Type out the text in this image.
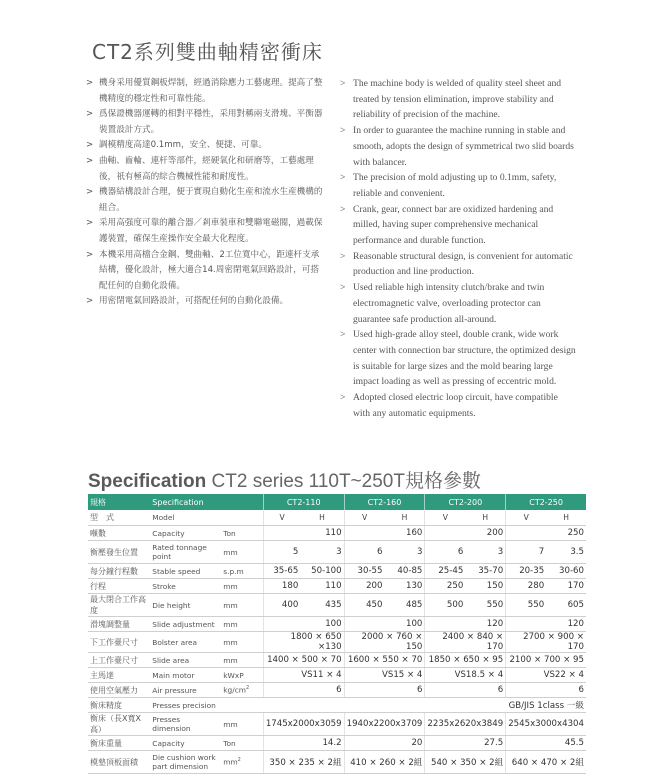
CT2系列雙曲軸精密衝床
> 機身采用優質鋼板焊制，經過消除應力工藝處理。提高了整機精度的穩定性和可靠性能。
> 爲保證機器運轉的相對平穩性，采用對稱兩支滑塊、平衡器裝置設計方式。
> 調模精度高達0.1mm，安全、便捷、可靠。
> 曲軸、齒輪、連杆等部件，經硬氧化和研磨等，工藝處理後，祇有極高的綜合機械性能和耐度性。
> 機器結構設計合理，便于實現自動化生産和流水生産機構的組合。
> 采用高强度可靠的離合器／剎車裝車和雙聯電磁閥，過載保護裝置，確保生産操作安全最大化程度。
> 本機采用高檔合金鋼、雙曲軸、2工位寬中心，距連杆支承結構，優化設計，極大適合14.周密閉電氣回路設計，可搭配任何的自動化設備。
> 用密閉電氣回路設計，可搭配任何的自動化設備。
> The machine body is welded of quality steel sheet and treated by tension elimination, improve stability and reliability of precision of the machine.
> In order to guarantee the machine running in stable and smooth, adopts the design of symmetrical two slid boards with balancer.
> The precision of mold adjusting up to 0.1mm, safety, reliable and convenient.
> Crank, gear, connect bar are oxidized hardening and milled, having super comprehensive mechanical performance and durable function.
> Reasonable structural design, is convenient for automatic production and line production.
> Used reliable high intensity clutch/brake and twin electromagnetic valve, overloading protector can guarantee safe production all-around.
> Used high-grade alloy steel, double crank, wide work center with connection bar structure, the optimized design is suitable for large sizes and the mold bearing large impact loading as well as pressing of eccentric mold.
> Adopted closed electric loop circuit, have compatible with any automatic equipments.
Specification CT2 series 110T~250T規格參數
規格	Specification		CT2-110		CT2-160		CT2-200		CT2-250	
型　式	Model		V	H	V	H	V	H	V	H
噸數	Capacity	Ton	110		160		200		250	
衡壓發生位置	Rated tonnage point	mm	5	3	6	3	6	3	7	3.5
每分鐘行程數	Stable speed	s.p.m	35-65	50-100	30-55	40-85	25-45	35-70	20-35	30-60
行程	Stroke	mm	180	110	200	130	250	150	280	170
最大閉合工作高度	Die height	mm	400	435	450	485	500	550	550	605
滑塊調整量	Slide adjustment	mm	100		100		120		120	
下工作臺尺寸	Bolster area	mm	1800 × 650 ×130		2000 × 760 × 150		2400 × 840 × 170		2700 × 900 × 170	
上工作臺尺寸	Slide area	mm	1400 × 500 × 70		1600 × 550 × 70		1850 × 650 × 95		2100 × 700 × 95	
主馬達	Main motor	kWxP	VS11 × 4		VS15 × 4		VS18.5 × 4		VS22 × 4	
使用空氣壓力	Air pressure	$kg/cm^2$	6		6		6		6	
衡床精度	Presses precision		GB/JIS 1class 一級							
衡床（長X寬X高）	Presses dimension	mm	1745x2000x3059		1940x2200x3709		2235x2620x3849		2545x3000x4304	
衡床重量	Capacity	Ton	14.2		20		27.5		45.5	
模墊頂板面積	Die cushion work part dimension	$mm^2$	350 × 235 × 2組		410 × 260 × 2組		540 × 350 × 2組		640 × 470 × 2組	
